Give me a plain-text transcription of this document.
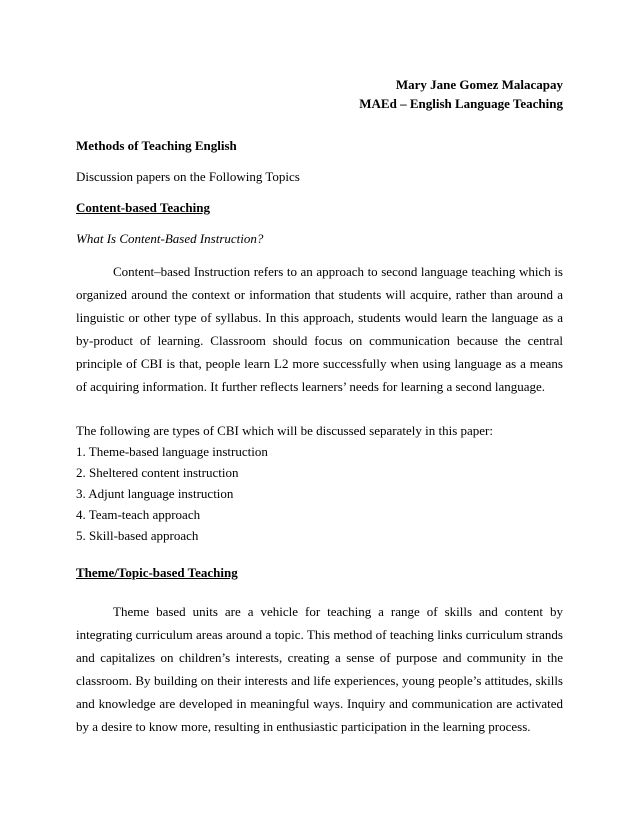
Mary Jane Gomez Malacapay
MAEd – English Language Teaching

Methods of Teaching English

Discussion papers on the Following Topics

Content-based Teaching

What Is Content-Based Instruction?

Content–based Instruction refers to an approach to second language teaching which is organized around the context or information that students will acquire, rather than around a linguistic or other type of syllabus. In this approach, students would learn the language as a by-product of learning. Classroom should focus on communication because the central principle of CBI is that, people learn L2 more successfully when using language as a means of acquiring information. It further reflects learners’ needs for learning a second language.

The following are types of CBI which will be discussed separately in this paper:

1. Theme-based language instruction
2. Sheltered content instruction
3. Adjunt language instruction
4. Team-teach approach
5. Skill-based approach

Theme/Topic-based Teaching

Theme based units are a vehicle for teaching a range of skills and content by integrating curriculum areas around a topic. This method of teaching links curriculum strands and capitalizes on children’s interests, creating a sense of purpose and community in the classroom. By building on their interests and life experiences, young people’s attitudes, skills and knowledge are developed in meaningful ways. Inquiry and communication are activated by a desire to know more, resulting in enthusiastic participation in the learning process.
